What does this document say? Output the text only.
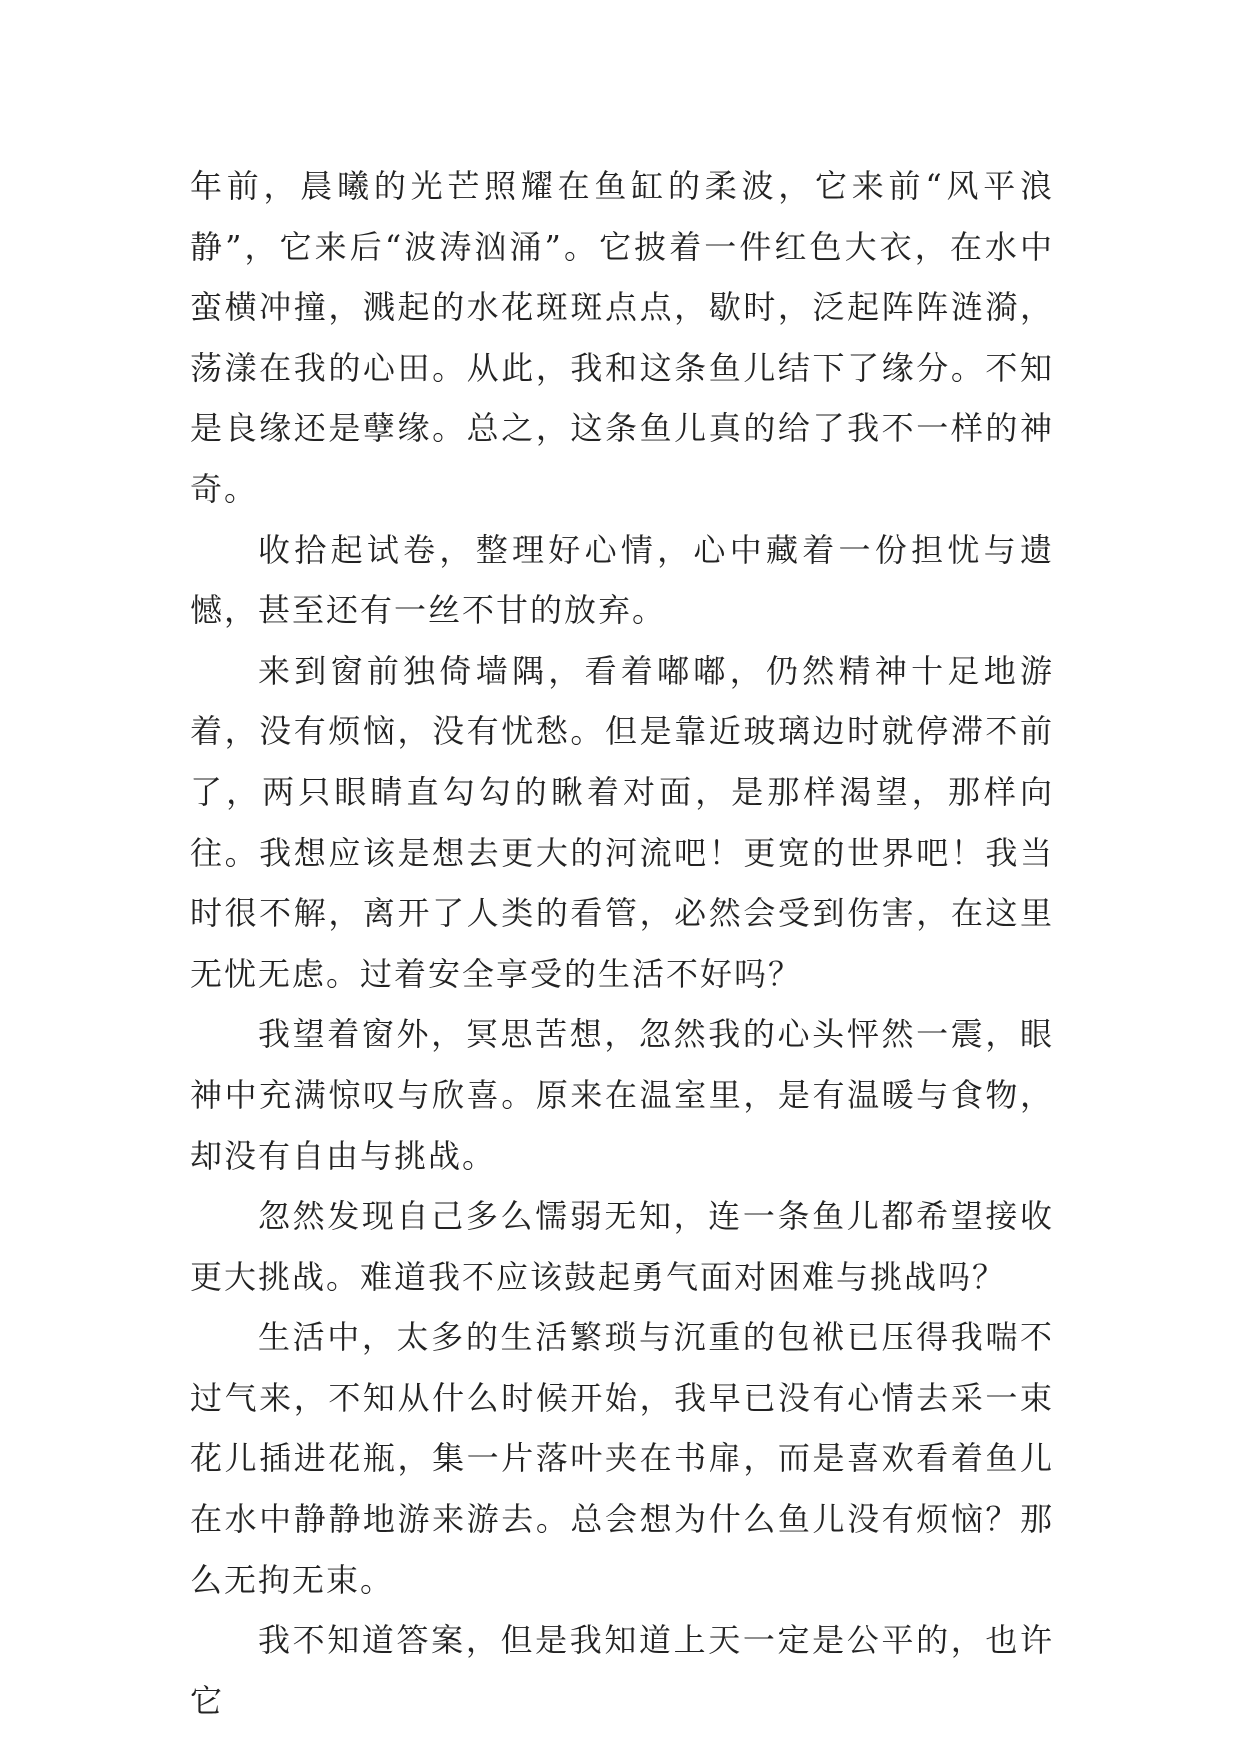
年前，晨曦的光芒照耀在鱼缸的柔波，它来前“风平浪静”，它来后“波涛汹涌”。它披着一件红色大衣，在水中蛮横冲撞，溅起的水花斑斑点点，歇时，泛起阵阵涟漪，荡漾在我的心田。从此，我和这条鱼儿结下了缘分。不知是良缘还是孽缘。总之，这条鱼儿真的给了我不一样的神奇。

收拾起试卷，整理好心情，心中藏着一份担忧与遗憾，甚至还有一丝不甘的放弃。

来到窗前独倚墙隅，看着嘟嘟，仍然精神十足地游着，没有烦恼，没有忧愁。但是靠近玻璃边时就停滞不前了，两只眼睛直勾勾的瞅着对面，是那样渴望，那样向往。我想应该是想去更大的河流吧！更宽的世界吧！我当时很不解，离开了人类的看管，必然会受到伤害，在这里无忧无虑。过着安全享受的生活不好吗？

我望着窗外，冥思苦想，忽然我的心头怦然一震，眼神中充满惊叹与欣喜。原来在温室里，是有温暖与食物，却没有自由与挑战。

忽然发现自己多么懦弱无知，连一条鱼儿都希望接收更大挑战。难道我不应该鼓起勇气面对困难与挑战吗？

生活中，太多的生活繁琐与沉重的包袱已压得我喘不过气来，不知从什么时候开始，我早已没有心情去采一束花儿插进花瓶，集一片落叶夹在书扉，而是喜欢看着鱼儿在水中静静地游来游去。总会想为什么鱼儿没有烦恼？那么无拘无束。

我不知道答案，但是我知道上天一定是公平的，也许它
